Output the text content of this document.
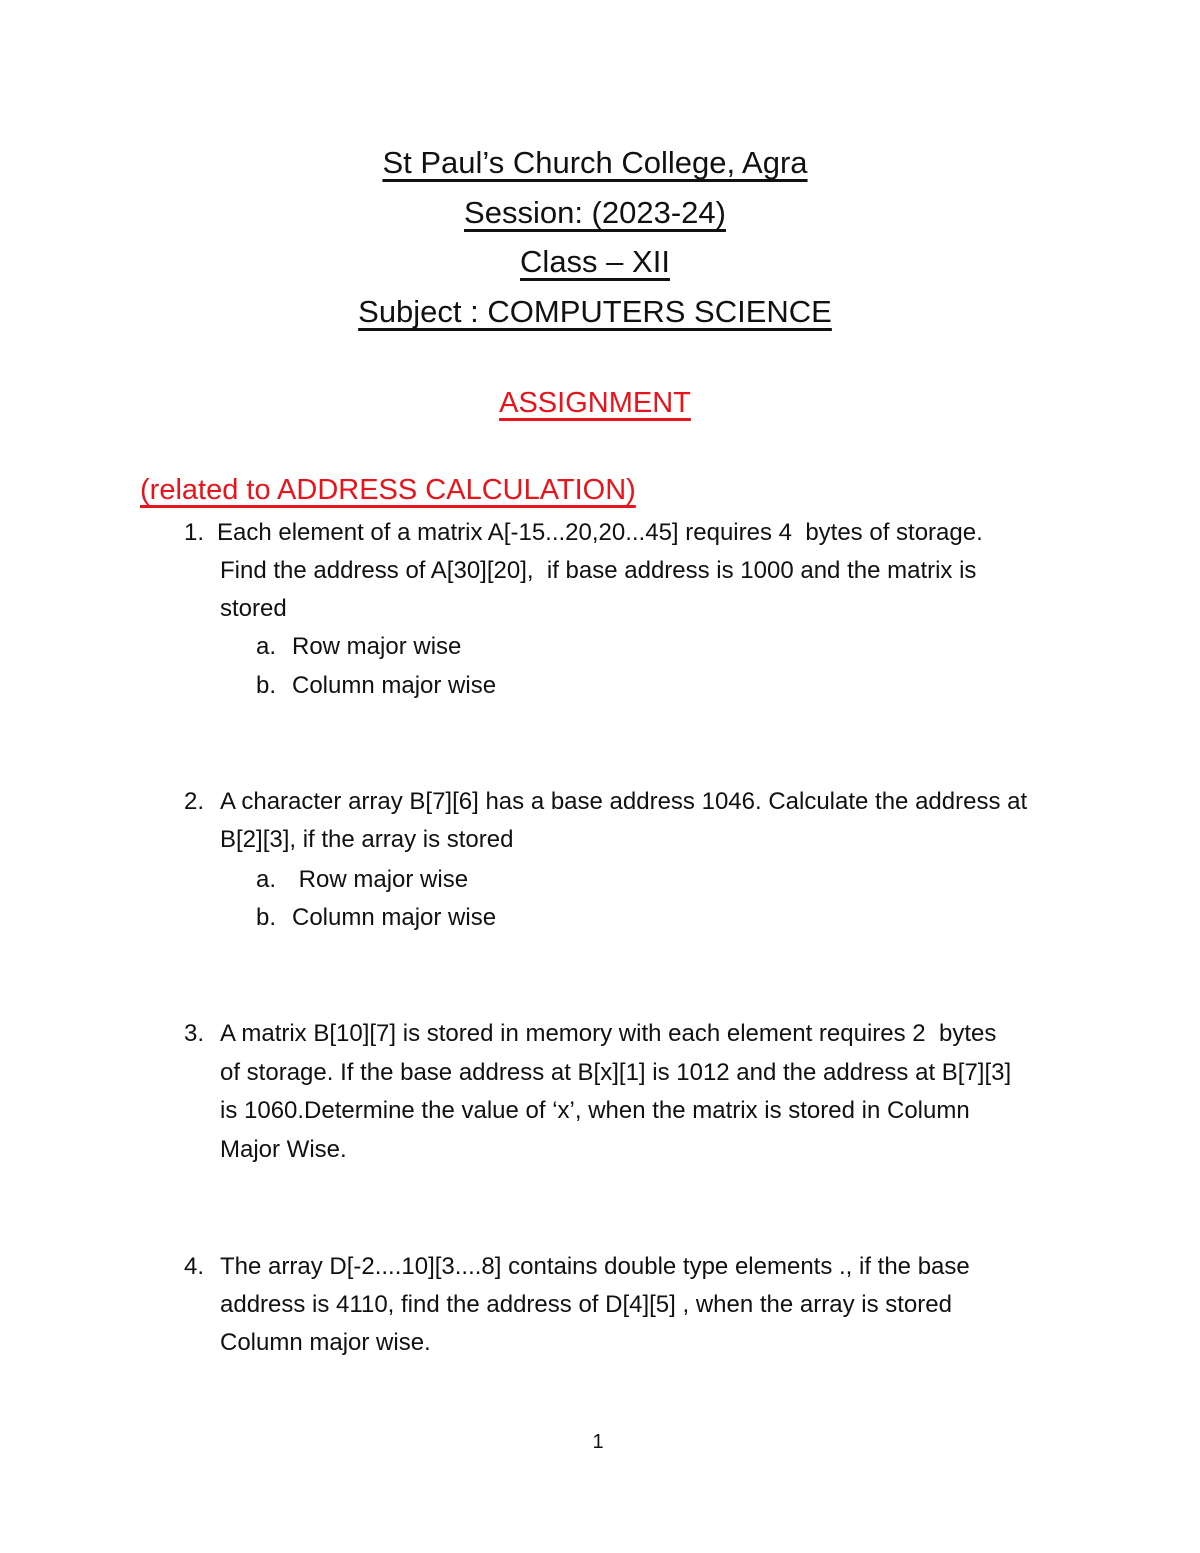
St Paul’s Church College, Agra
Session: (2023-24)
Class – XII
Subject : COMPUTERS SCIENCE
ASSIGNMENT
(related to ADDRESS CALCULATION)
1. Each element of a matrix A[-15...20,20...45] requires 4  bytes of storage.
Find the address of A[30][20],  if base address is 1000 and the matrix is
stored
a. Row major wise
b. Column major wise
2. A character array B[7][6] has a base address 1046. Calculate the address at
B[2][3], if the array is stored
a. Row major wise
b. Column major wise
3. A matrix B[10][7] is stored in memory with each element requires 2  bytes
of storage. If the base address at B[x][1] is 1012 and the address at B[7][3]
is 1060.Determine the value of ‘x’, when the matrix is stored in Column
Major Wise.
4. The array D[-2....10][3....8] contains double type elements ., if the base
address is 4110, find the address of D[4][5] , when the array is stored
Column major wise.
1
